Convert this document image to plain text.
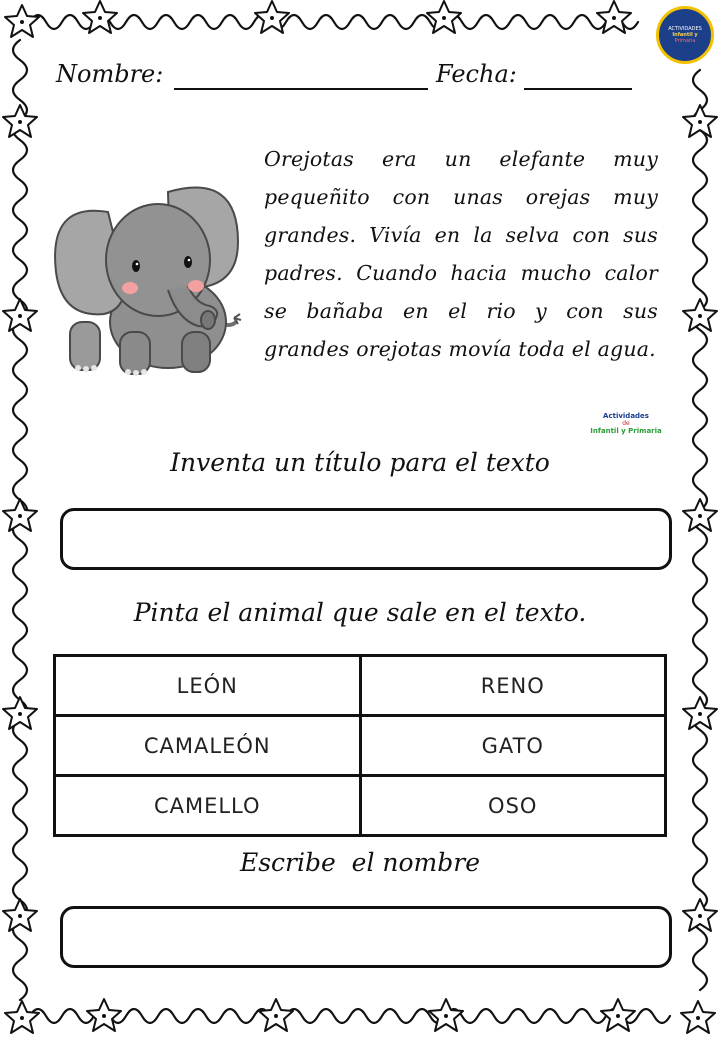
ACTIVIDADES
Infantil y
Primaria
Nombre:	Fecha:
Orejotas era un elefante muy pequeñito con unas orejas muy grandes. Vivía en la selva con sus padres. Cuando hacia mucho calor se bañaba en el rio y con sus grandes orejotas movía toda el agua.
Actividades
de
Infantil y Primaria
Inventa un título para el texto
Pinta el animal que sale en el texto.
LEÓN	RENO
CAMALEÓN	GATO
CAMELLO	OSO
Escribe  el nombre
